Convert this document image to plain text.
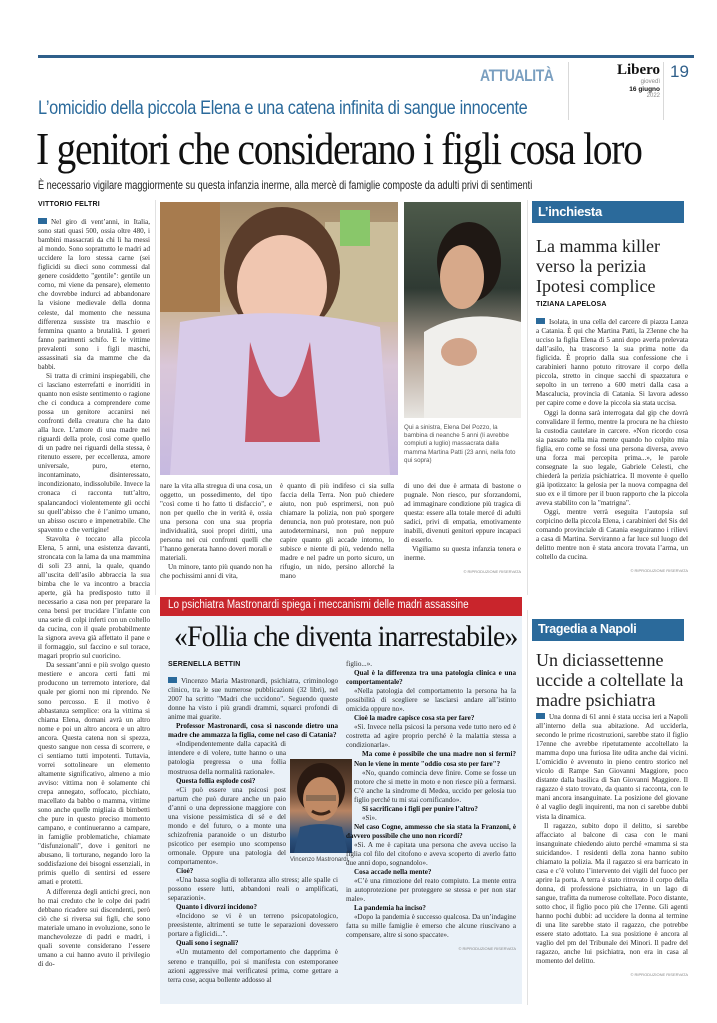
ATTUALITÀ	Libero
giovedì
16 giugno
2022
19
L’omicidio della piccola Elena e una catena infinita di sangue innocente
I genitori che considerano i figli cosa loro
È necessario vigilare maggiormente su questa infanzia inerme, alla mercè di famiglie composte da adulti privi di sentimenti
VITTORIO FELTRI

Nel giro di vent’anni, in Italia, sono stati quasi 500, ossia oltre 480, i bambini massacrati da chi li ha messi al mondo. Sono soprattutto le madri ad uccidere la loro stessa carne (sei figlicidi su dieci sono commessi dal genere cosiddetto "gentile": gentile un corno, mi viene da pensare), elemento che dovrebbe indurci ad abbandonare la visione medievale della donna celeste, dal momento che nessuna differenza sussiste tra maschio e femmina quanto a brutalità. I generi fanno parimenti schifo. E le vittime prevalenti sono i figli maschi, assassinati sia da mamme che da babbi.

Si tratta di crimini inspiegabili, che ci lasciano esterrefatti e inorriditi in quanto non esiste sentimento o ragione che ci conduca a comprendere come possa un genitore accanirsi nei confronti della creatura che ha dato alla luce. L’amore di una madre nei riguardi della prole, così come quello di un padre nei riguardi della stessa, è ritenuto essere, per eccellenza, amore universale, puro, eterno, incontaminato, disinteressato, incondizionato, indissolubile. Invece la cronaca ci racconta tutt’altro, spalancandoci violentemente gli occhi su quell’abisso che è l’animo umano, un abisso oscuro e impenetrabile. Che spavento e che vertigine!

Stavolta è toccato alla piccola Elena, 5 anni, una esistenza davanti, stroncata con la lama da una mammina di soli 23 anni, la quale, quando all’uscita dell’asilo abbraccia la sua bimba che le va incontro a braccia aperte, già ha predisposto tutto il necessario a casa non per preparare la cena bensì per trucidare l’infante con una serie di colpi inferti con un coltello da cucina, con il quale probabilmente la signora aveva già affettato il pane e il formaggio, sul faccino e sul torace, magari proprio sul cuoricino.

Da sessant’anni e più svolgo questo mestiere e ancora certi fatti mi producono un terremoto interiore, dal quale per giorni non mi riprendo. Ne sono percosso. E il motivo è abbastanza semplice: ora la vittima si chiama Elena, domani avrà un altro nome e poi un altro ancora e un altro ancora. Questa catena non si spezza, questo sangue non cessa di scorrere, e ci sentiamo tutti impotenti. Tuttavia, vorrei sottolineare un elemento altamente significativo, almeno a mio avviso: vittima non è solamente chi crepa annegato, soffocato, picchiato, macellato da babbo o mamma, vittime sono anche quelle migliaia di bimbetti che pure in questo preciso momento campano, e continueranno a campare, in famiglie problematiche, chiamate "disfunzionali", dove i genitori ne abusano, li torturano, negando loro la soddisfazione dei bisogni essenziali, in primis quello di sentirsi ed essere amati e protetti.

A differenza degli antichi greci, non ho mai creduto che le colpe dei padri debbano ricadere sui discendenti, però ciò che si riversa sui figli, che sono materiale umano in evoluzione, sono le manchevolezze di padri e madri, i quali sovente considerano l’essere umano a cui hanno avuto il privilegio di do-

Qui a sinistra, Elena Del Pozzo, la bambina di neanche 5 anni (li avrebbe compiuti a luglio) massacrata dalla mamma Martina Patti (23 anni, nella foto qui sopra)

nare la vita alla stregua di una cosa, un oggetto, un possedimento, del tipo "così come ti ho fatto ti disfaccio", e non per quello che in verità è, ossia una persona con una sua propria individualità, suoi propri diritti, una persona nei cui confronti quelli che l’hanno generata hanno doveri morali e materiali.

Un minore, tanto più quando non ha che pochissimi anni di vita,

è quanto di più indifeso ci sia sulla faccia della Terra. Non può chiedere aiuto, non può esprimersi, non può chiamare la polizia, non può sporgere denuncia, non può protestare, non può autodeterminarsi, non può neppure capire quanto gli accade intorno, lo subisce e niente di più, vedendo nella madre e nel padre un porto sicuro, un rifugio, un nido, persino allorché la mano

di uno dei due è armata di bastone o pugnale. Non riesco, pur sforzandomi, ad immaginare condizione più tragica di questa: essere alla totale mercé di adulti sadici, privi di empatia, emotivamente inabili, divenuti genitori eppure incapaci di esserlo.

Vigiliamo su questa infanzia tenera e inerme.

© RIPRODUZIONE RISERVATA
L’inchiesta
La mamma killer verso la perizia Ipotesi complice
TIZIANA LAPELOSA

Isolata, in una cella del carcere di piazza Lanza a Catania. È qui che Martina Patti, la 23enne che ha ucciso la figlia Elena di 5 anni dopo averla prelevata dall’asilo, ha trascorso la sua prima notte da figlicida. È proprio dalla sua confessione che i carabinieri hanno potuto ritrovare il corpo della piccola, stretto in cinque sacchi di spazzatura e sepolto in un terreno a 600 metri dalla casa a Mascalucia, provincia di Catania. Si lavora adesso per capire come e dove la piccola sia stata uccisa.

Oggi la donna sarà interrogata dal gip che dovrà convalidare il fermo, mentre la procura ne ha chiesto la custodia cautelare in carcere. «Non ricordo cosa sia passato nella mia mente quando ho colpito mia figlia, ero come se fossi una persona diversa, avevo una forza mai percepita prima...», le parole consegnate la suo legale, Gabriele Celesti, che chiederà la perizia psichiatrica. Il movente è quello già ipotizzato: la gelosia per la nuova compagna del suo ex e il timore per il buon rapporto che la piccola aveva stabilito con la "matrigna".

Oggi, mentre verrà eseguita l’autopsia sul corpicino della piccola Elena, i carabinieri del Sis del comando provinciale di Catania eseguiranno i rilievi a casa di Martina. Serviranno a far luce sul luogo del delitto mentre non è stata ancora trovata l’arma, un coltello da cucina.

© RIPRODUZIONE RISERVATA
Lo psichiatra Mastronardi spiega i meccanismi delle madri assassine
«Follia che diventa inarrestabile»
SERENELLA BETTIN

Vincenzo Maria Mastronardi, psichiatra, criminologo clinico, tra le sue numerose pubblicazioni (32 libri), nel 2007 ha scritto "Madri che uccidono". Seguendo queste donne ha visto i più grandi drammi, squarci profondi di anime mai guarite.

Professor Mastronardi, cosa si nasconde dietro una madre che ammazza la figlia, come nel caso di Catania?

«Indipendentemente dalla capacità di intendere e di volere, tutte hanno o una patologia pregressa o una follia mostruosa della normalità razionale».

Questa follia esplode così?

«Ci può essere una psicosi post partum che può durare anche un paio d’anni o una depressione maggiore con una visione pessimistica di sé e del mondo e del futuro, o a monte una schizofrenia paranoide o un disturbo psicotico per esempio uno scompenso ormonale. Oppure una patologia del comportamento».

Cioè?

«Una bassa soglia di tolleranza allo stress; alle spalle ci possono essere lutti, abbandoni reali o amplificati, separazioni».

Quanto i divorzi incidono?

«Incidono se vi è un terreno psicopatologico, preesistente, altrimenti se tutte le separazioni dovessero portare a figlicidi...".

Quali sono i segnali?

«Un mutamento del comportamento che dapprima è sereno e tranquillo, poi si manifesta con estemporanee azioni aggressive mai verificatesi prima, come gettare a terra cose, acqua bollente addosso al

Vincenzo Mastronardi

figlio...».

Qual è la differenza tra una patologia clinica e una comportamentale?

«Nella patologia del comportamento la persona ha la possibilità di scegliere se lasciarsi andare all’istinto omicida oppure no».

Cioè la madre capisce cosa sta per fare?

«Sì. Invece nella psicosi la persona vede tutto nero ed è costretta ad agire proprio perché è la malattia stessa a condizionarla».

Ma come è possibile che una madre non si fermi? Non le viene in mente "oddio cosa sto per fare"?

«No, quando comincia deve finire. Come se fosse un motore che si mette in moto e non riesce più a fermarsi. C’è anche la sindrome di Medea, uccido per gelosia tuo figlio perché tu mi stai cornificando».

Si sacrificano i figli per punire l’altro?

«Sì».

Nel caso Cogne, ammesso che sia stata la Franzoni, è davvero possibile che uno non ricordi?

«Sì. A me è capitata una persona che aveva ucciso la figlia col filo del citofono e aveva scoperto di averlo fatto due anni dopo, sognandolo».

Cosa accade nella mente?

«C’è una rimozione del reato compiuto. La mente entra in autoprotezione per proteggere se stessa e per non star male».

La pandemia ha inciso?

«Dopo la pandemia è successo qualcosa. Da un’indagine fatta su mille famiglie è emerso che alcune riuscivano a compensare, altre si sono spaccate».

© RIPRODUZIONE RISERVATA
Tragedia a Napoli
Un diciassettenne uccide a coltellate la madre psichiatra

Una donna di 61 anni è stata uccisa ieri a Napoli all’interno della sua abitazione. Ad ucciderla, secondo le prime ricostruzioni, sarebbe stato il figlio 17enne che avrebbe ripetutamente accoltellato la mamma dopo una furiosa lite udita anche dai vicini. L’omicidio è avvenuto in pieno centro storico nel vicolo di Rampe San Giovanni Maggiore, poco distante dalla basilica di San Giovanni Maggiore. Il ragazzo è stato trovato, da quanto si racconta, con le mani ancora insanguinate. La posizione del giovane è al vaglio degli inquirenti, ma non ci sarebbe dubbi vista la dinamica.

Il ragazzo, subito dopo il delitto, si sarebbe affacciato al balcone di casa con le mani insanguinate chiedendo aiuto perché «mamma si sta suicidando». I residenti della zona hanno subito chiamato la polizia. Ma il ragazzo si era barricato in casa e c’è voluto l’intervento dei vigili del fuoco per aprire la porta. A terra è stato ritrovato il corpo della donna, di professione psichiatra, in un lago di sangue, trafitta da numerose coltellate. Poco distante, sotto choc, il figlio poco più che 17enne. Gli agenti hanno pochi dubbi: ad uccidere la donna al termine di una lite sarebbe stato il ragazzo, che potrebbe essere stato adottato. La sua posizione è ancora al vaglio del pm del Tribunale dei Minori. Il padre del ragazzo, anche lui psichiatra, non era in casa al momento del delitto.

© RIPRODUZIONE RISERVATA
